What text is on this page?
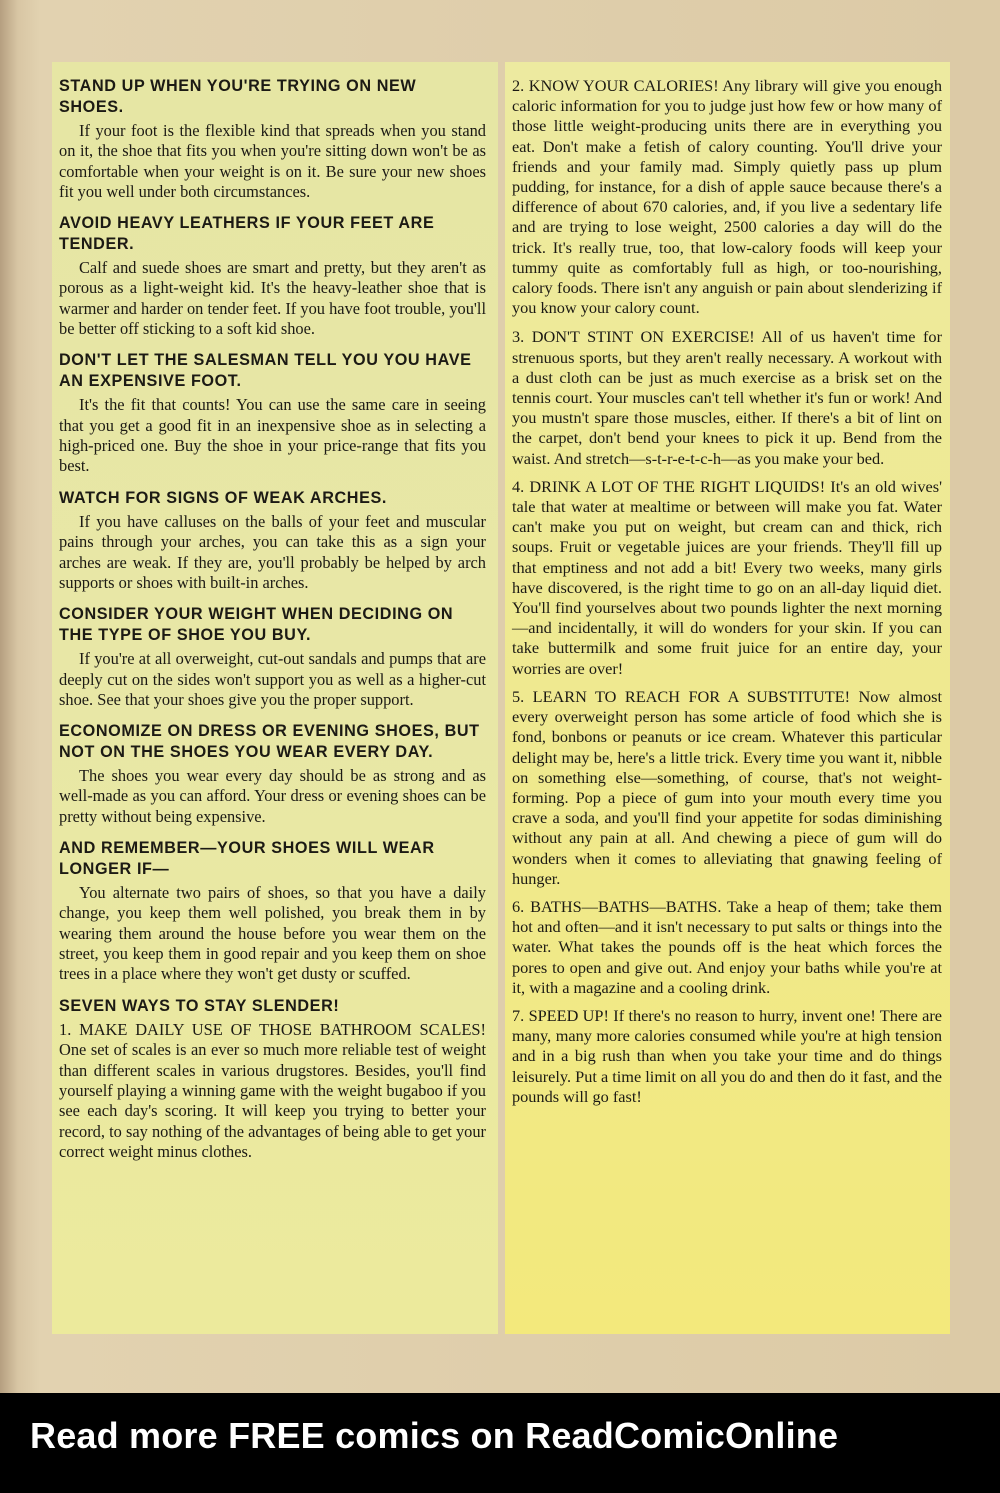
STAND UP WHEN YOU'RE TRYING ON NEW SHOES.

If your foot is the flexible kind that spreads when you stand on it, the shoe that fits you when you're sitting down won't be as comfortable when your weight is on it. Be sure your new shoes fit you well under both circumstances.

AVOID HEAVY LEATHERS IF YOUR FEET ARE TENDER.

Calf and suede shoes are smart and pretty, but they aren't as porous as a light-weight kid. It's the heavy-leather shoe that is warmer and harder on tender feet. If you have foot trouble, you'll be better off sticking to a soft kid shoe.

DON'T LET THE SALESMAN TELL YOU YOU HAVE AN EXPENSIVE FOOT.

It's the fit that counts! You can use the same care in seeing that you get a good fit in an inexpensive shoe as in selecting a high-priced one. Buy the shoe in your price-range that fits you best.

WATCH FOR SIGNS OF WEAK ARCHES.

If you have calluses on the balls of your feet and muscular pains through your arches, you can take this as a sign your arches are weak. If they are, you'll probably be helped by arch supports or shoes with built-in arches.

CONSIDER YOUR WEIGHT WHEN DECIDING ON THE TYPE OF SHOE YOU BUY.

If you're at all overweight, cut-out sandals and pumps that are deeply cut on the sides won't support you as well as a higher-cut shoe. See that your shoes give you the proper support.

ECONOMIZE ON DRESS OR EVENING SHOES, BUT NOT ON THE SHOES YOU WEAR EVERY DAY.

The shoes you wear every day should be as strong and as well-made as you can afford. Your dress or evening shoes can be pretty without being expensive.

AND REMEMBER—YOUR SHOES WILL WEAR LONGER IF—

You alternate two pairs of shoes, so that you have a daily change, you keep them well polished, you break them in by wearing them around the house before you wear them on the street, you keep them in good repair and you keep them on shoe trees in a place where they won't get dusty or scuffed.

SEVEN WAYS TO STAY SLENDER!

1. MAKE DAILY USE OF THOSE BATHROOM SCALES! One set of scales is an ever so much more reliable test of weight than different scales in various drugstores. Besides, you'll find yourself playing a winning game with the weight bugaboo if you see each day's scoring. It will keep you trying to better your record, to say nothing of the advantages of being able to get your correct weight minus clothes.

2. KNOW YOUR CALORIES! Any library will give you enough caloric information for you to judge just how few or how many of those little weight-producing units there are in everything you eat. Don't make a fetish of calory counting. You'll drive your friends and your family mad. Simply quietly pass up plum pudding, for instance, for a dish of apple sauce because there's a difference of about 670 calories, and, if you live a sedentary life and are trying to lose weight, 2500 calories a day will do the trick. It's really true, too, that low-calory foods will keep your tummy quite as comfortably full as high, or too-nourishing, calory foods. There isn't any anguish or pain about slenderizing if you know your calory count.

3. DON'T STINT ON EXERCISE! All of us haven't time for strenuous sports, but they aren't really necessary. A workout with a dust cloth can be just as much exercise as a brisk set on the tennis court. Your muscles can't tell whether it's fun or work! And you mustn't spare those muscles, either. If there's a bit of lint on the carpet, don't bend your knees to pick it up. Bend from the waist. And stretch—s-t-r-e-t-c-h—as you make your bed.

4. DRINK A LOT OF THE RIGHT LIQUIDS! It's an old wives' tale that water at mealtime or between will make you fat. Water can't make you put on weight, but cream can and thick, rich soups. Fruit or vegetable juices are your friends. They'll fill up that emptiness and not add a bit! Every two weeks, many girls have discovered, is the right time to go on an all-day liquid diet. You'll find yourselves about two pounds lighter the next morning—and incidentally, it will do wonders for your skin. If you can take buttermilk and some fruit juice for an entire day, your worries are over!

5. LEARN TO REACH FOR A SUBSTITUTE! Now almost every overweight person has some article of food which she is fond, bonbons or peanuts or ice cream. Whatever this particular delight may be, here's a little trick. Every time you want it, nibble on something else—something, of course, that's not weight-forming. Pop a piece of gum into your mouth every time you crave a soda, and you'll find your appetite for sodas diminishing without any pain at all. And chewing a piece of gum will do wonders when it comes to alleviating that gnawing feeling of hunger.

6. BATHS—BATHS—BATHS. Take a heap of them; take them hot and often—and it isn't necessary to put salts or things into the water. What takes the pounds off is the heat which forces the pores to open and give out. And enjoy your baths while you're at it, with a magazine and a cooling drink.

7. SPEED UP! If there's no reason to hurry, invent one! There are many, many more calories consumed while you're at high tension and in a big rush than when you take your time and do things leisurely. Put a time limit on all you do and then do it fast, and the pounds will go fast!

Read more FREE comics on ReadComicOnline
